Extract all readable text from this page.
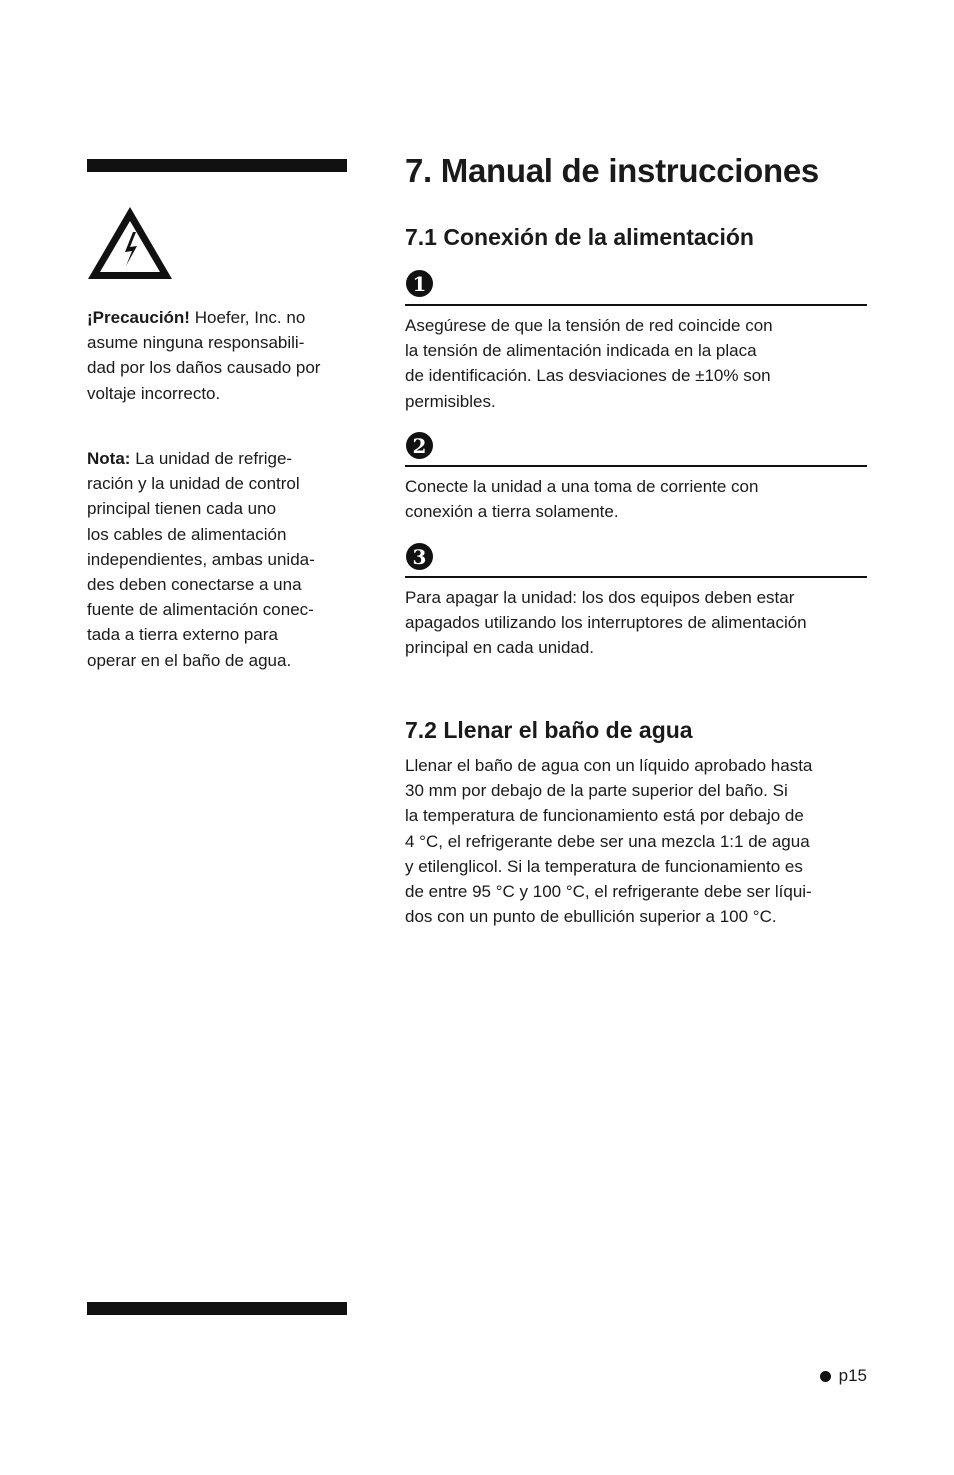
¡Precaución! Hoefer, Inc. no
asume ninguna responsabili-
dad por los daños causado por
voltaje incorrecto.
Nota: La unidad de refrige-
ración y la unidad de control
principal tienen cada uno
los cables de alimentación
independientes, ambas unida-
des deben conectarse a una
fuente de alimentación conec-
tada a tierra externo para
operar en el baño de agua.
7. Manual de instrucciones
7.1 Conexión de la alimentación
1
Asegúrese de que la tensión de red coincide con
la tensión de alimentación indicada en la placa
de identificación. Las desviaciones de ±10% son
permisibles.
2
Conecte la unidad a una toma de corriente con
conexión a tierra solamente.
3
Para apagar la unidad: los dos equipos deben estar
apagados utilizando los interruptores de alimentación
principal en cada unidad.
7.2 Llenar el baño de agua
Llenar el baño de agua con un líquido aprobado hasta
30 mm por debajo de la parte superior del baño. Si
la temperatura de funcionamiento está por debajo de
4 °C, el refrigerante debe ser una mezcla 1:1 de agua
y etilenglicol. Si la temperatura de funcionamiento es
de entre 95 °C y 100 °C, el refrigerante debe ser líqui-
dos con un punto de ebullición superior a 100 °C.
p15
